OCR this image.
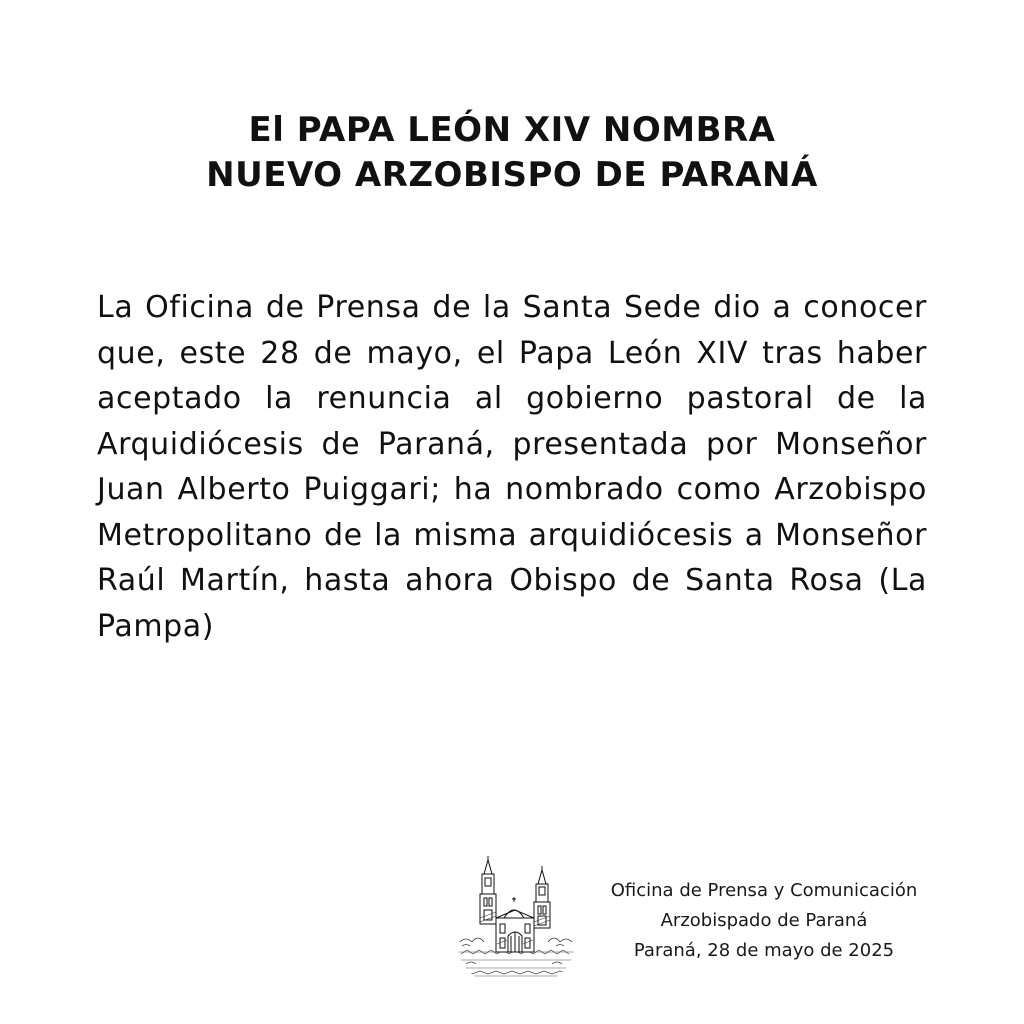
El PAPA LEÓN XIV NOMBRA
NUEVO ARZOBISPO DE PARANÁ
La Oficina de Prensa de la Santa Sede dio a conocer que, este 28 de mayo, el Papa León XIV tras haber aceptado la renuncia al gobierno pastoral de la Arquidiócesis de Paraná, presentada por Monseñor Juan Alberto Puiggari; ha nombrado como Arzobispo Metropolitano de la misma arquidiócesis a Monseñor Raúl Martín, hasta ahora Obispo de Santa Rosa (La Pampa)
Oficina de Prensa y Comunicación
Arzobispado de Paraná
Paraná, 28 de mayo de 2025
